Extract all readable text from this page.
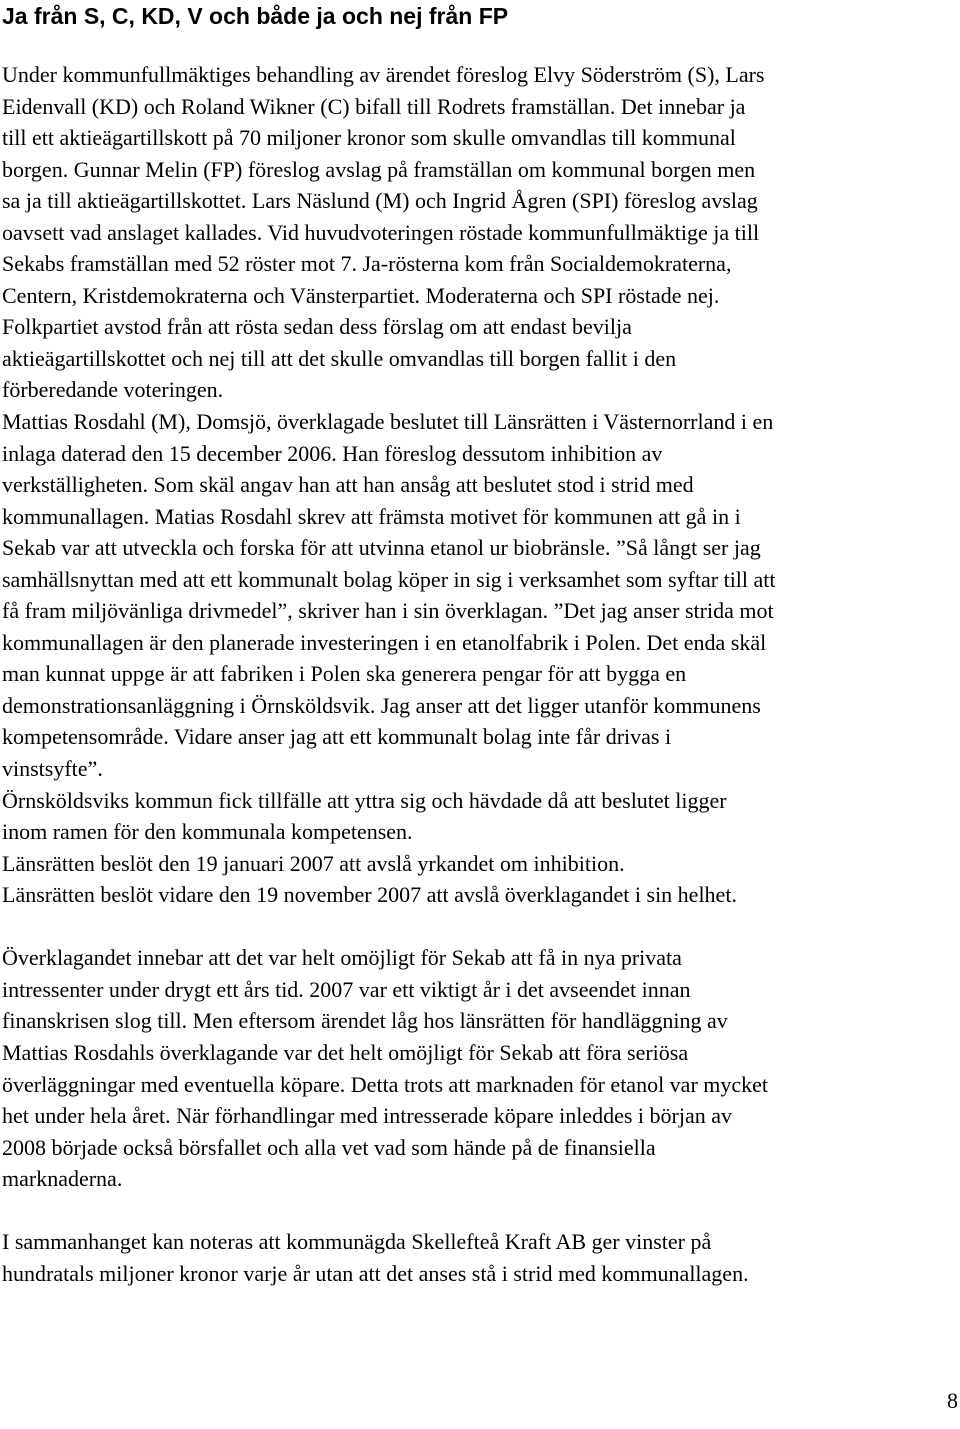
Ja från S, C, KD, V och både ja och nej från FP
Under kommunfullmäktiges behandling av ärendet föreslog Elvy Söderström (S), Lars
Eidenvall (KD) och Roland Wikner (C) bifall till Rodrets framställan. Det innebar ja
till ett aktieägartillskott på 70 miljoner kronor som skulle omvandlas till kommunal
borgen. Gunnar Melin (FP) föreslog avslag på framställan om kommunal borgen men
sa ja till aktieägartillskottet. Lars Näslund (M) och Ingrid Ågren (SPI) föreslog avslag
oavsett vad anslaget kallades. Vid huvudvoteringen röstade kommunfullmäktige ja till
Sekabs framställan med 52 röster mot 7. Ja-rösterna kom från Socialdemokraterna,
Centern, Kristdemokraterna och Vänsterpartiet. Moderaterna och SPI röstade nej.
Folkpartiet avstod från att rösta sedan dess förslag om att endast bevilja
aktieägartillskottet och nej till att det skulle omvandlas till borgen fallit i den
förberedande voteringen.
Mattias Rosdahl (M), Domsjö, överklagade beslutet till Länsrätten i Västernorrland i en
inlaga daterad den 15 december 2006. Han föreslog dessutom inhibition av
verkställigheten. Som skäl angav han att han ansåg att beslutet stod i strid med
kommunallagen. Matias Rosdahl skrev att främsta motivet för kommunen att gå in i
Sekab var att utveckla och forska för att utvinna etanol ur biobränsle. ”Så långt ser jag
samhällsnyttan med att ett kommunalt bolag köper in sig i verksamhet som syftar till att
få fram miljövänliga drivmedel”, skriver han i sin överklagan. ”Det jag anser strida mot
kommunallagen är den planerade investeringen i en etanolfabrik i Polen. Det enda skäl
man kunnat uppge är att fabriken i Polen ska generera pengar för att bygga en
demonstrationsanläggning i Örnsköldsvik. Jag anser att det ligger utanför kommunens
kompetensområde. Vidare anser jag att ett kommunalt bolag inte får drivas i
vinstsyfte”.
Örnsköldsviks kommun fick tillfälle att yttra sig och hävdade då att beslutet ligger
inom ramen för den kommunala kompetensen.
Länsrätten beslöt den 19 januari 2007 att avslå yrkandet om inhibition.
Länsrätten beslöt vidare den 19 november 2007 att avslå överklagandet i sin helhet.
Överklagandet innebar att det var helt omöjligt för Sekab att få in nya privata
intressenter under drygt ett års tid. 2007 var ett viktigt år i det avseendet innan
finanskrisen slog till. Men eftersom ärendet låg hos länsrätten för handläggning av
Mattias Rosdahls överklagande var det helt omöjligt för Sekab att föra seriösa
överläggningar med eventuella köpare. Detta trots att marknaden för etanol var mycket
het under hela året. När förhandlingar med intresserade köpare inleddes i början av
2008 började också börsfallet och alla vet vad som hände på de finansiella
marknaderna.
I sammanhanget kan noteras att kommunägda Skellefteå Kraft AB ger vinster på
hundratals miljoner kronor varje år utan att det anses stå i strid med kommunallagen.
8
